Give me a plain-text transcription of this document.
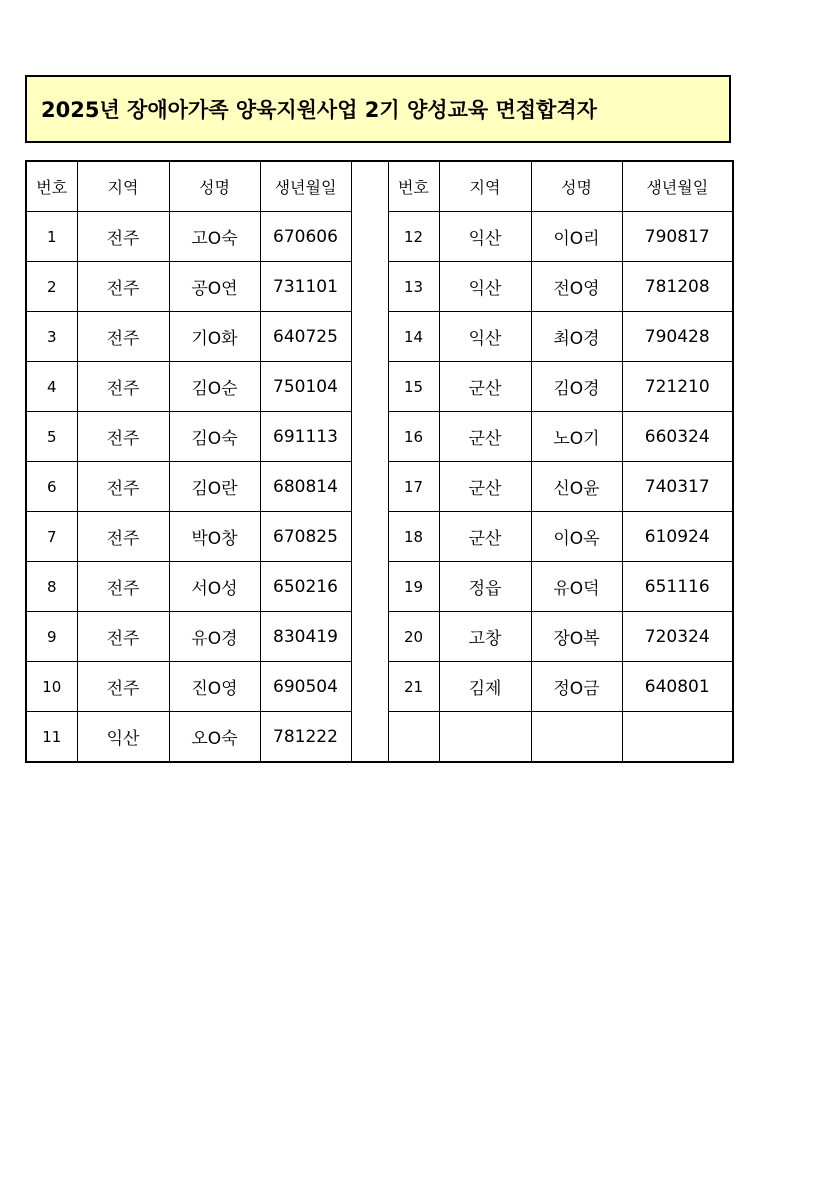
2025년 장애아가족 양육지원사업 2기 양성교육 면접합격자
번호	지역	성명	생년월일		번호	지역	성명	생년월일
1	전주	고O숙	670606		12	익산	이O리	790817
2	전주	공O연	731101		13	익산	전O영	781208
3	전주	기O화	640725		14	익산	최O경	790428
4	전주	김O순	750104		15	군산	김O경	721210
5	전주	김O숙	691113		16	군산	노O기	660324
6	전주	김O란	680814		17	군산	신O윤	740317
7	전주	박O창	670825		18	군산	이O옥	610924
8	전주	서O성	650216		19	정읍	유O덕	651116
9	전주	유O경	830419		20	고창	장O복	720324
10	전주	진O영	690504		21	김제	정O금	640801
11	익산	오O숙	781222					
